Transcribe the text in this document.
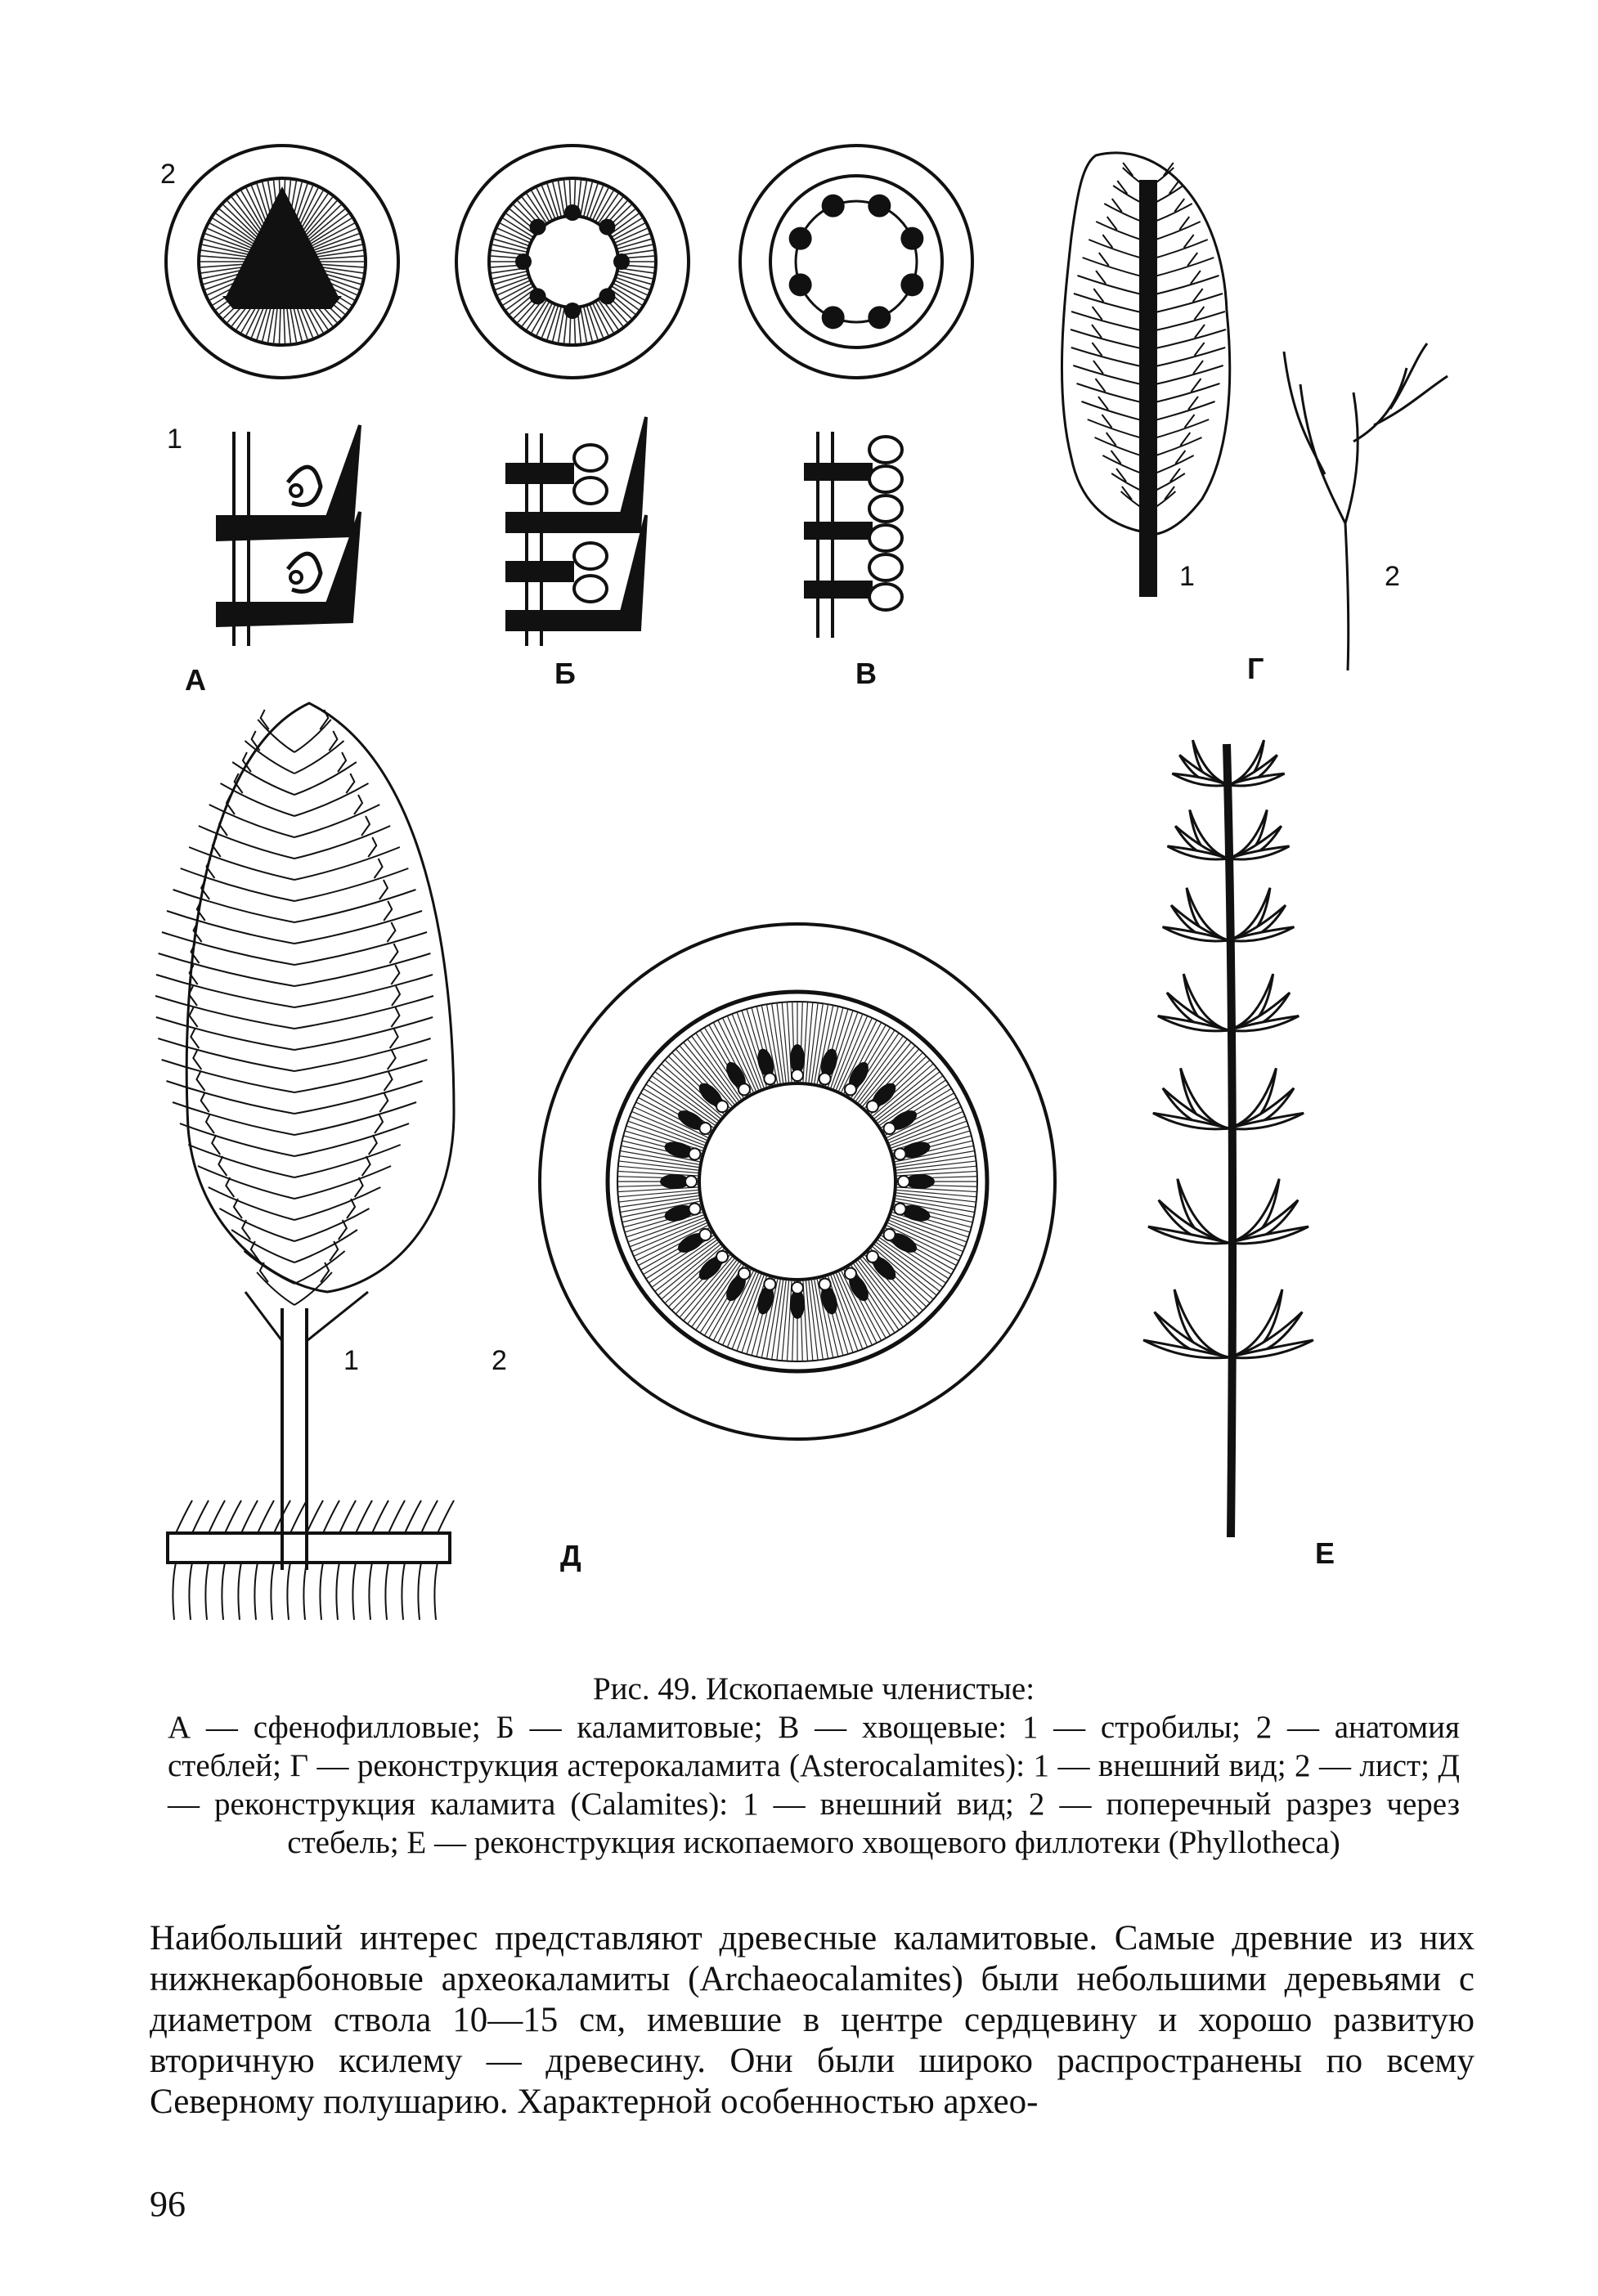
2
1
А	Б	В
1	2
Г
1	2
Д	Е
Рис. 49. Ископаемые членистые:
А — сфенофилловые; Б — каламитовые; В — хвощевые: 1 — стробилы; 2 — анатомия стеблей; Г — реконструкция астерокаламита (Asterocalamites): 1 — внешний вид; 2 — лист; Д — реконструкция каламита (Calamites): 1 — внешний вид; 2 — поперечный разрез через стебель; Е — реконструкция ископаемого хвощевого филлотеки (Phyllotheca)
Наибольший интерес представляют древесные каламитовые. Самые древние из них нижнекарбоновые археокаламиты (Archaeocalamites) были небольшими деревьями с диаметром ствола 10—15 см, имевшие в центре сердцевину и хорошо развитую вторичную ксилему — древесину. Они были широко распространены по всему Северному полушарию. Характерной особенностью архео-
96
